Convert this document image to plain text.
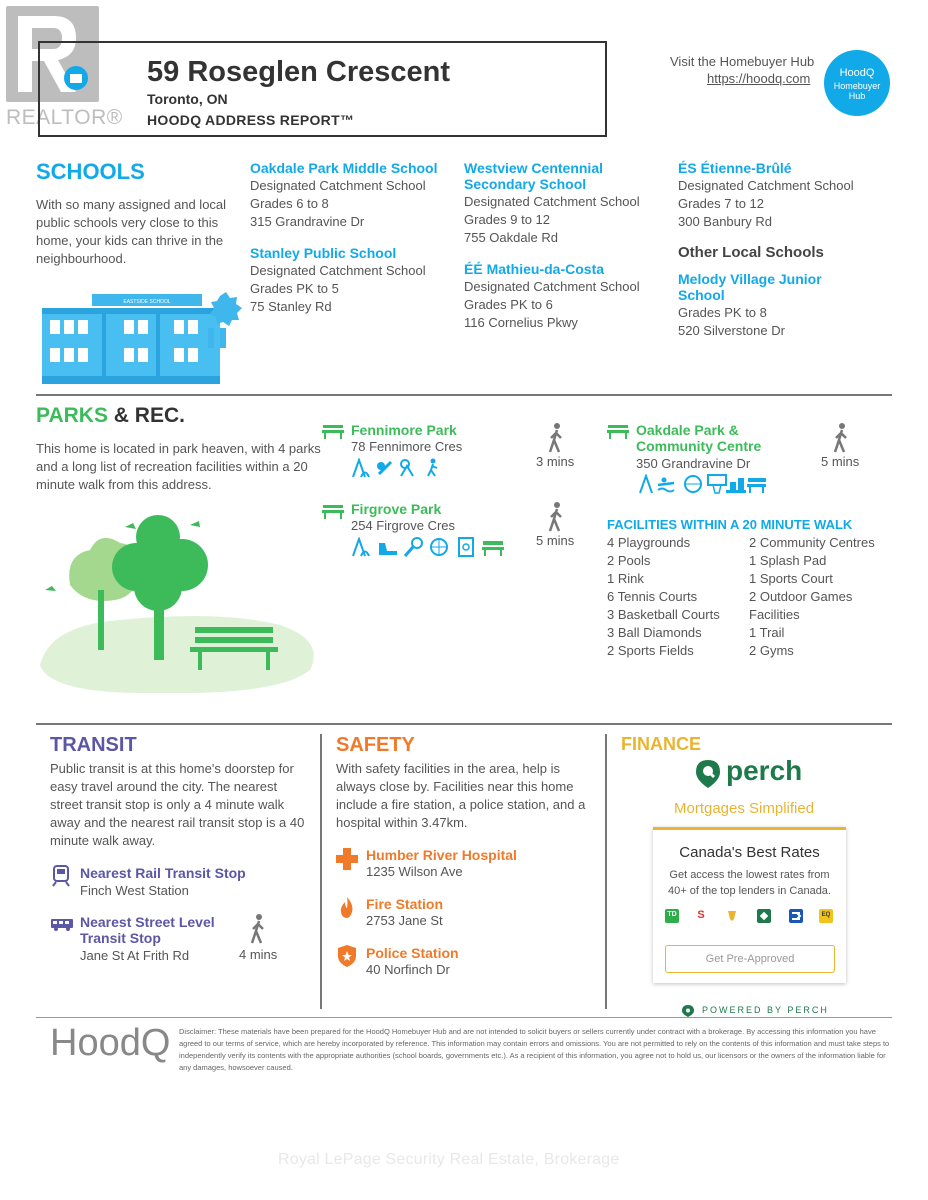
REALTOR®
59 Roseglen Crescent
Toronto, ON
HOODQ ADDRESS REPORT™
Visit the Homebuyer Hub
https://hoodq.com	HoodQ
Homebuyer
Hub
SCHOOLS
With so many assigned and local public schools very close to this home, your kids can thrive in the neighbourhood.
EASTSIDE SCHOOL
Oakdale Park Middle School
Designated Catchment School
Grades 6 to 8
315 Grandravine Dr
Stanley Public School
Designated Catchment School
Grades PK to 5
75 Stanley Rd
Westview Centennial Secondary School
Designated Catchment School
Grades 9 to 12
755 Oakdale Rd
ÉÉ Mathieu-da-Costa
Designated Catchment School
Grades PK to 6
116 Cornelius Pkwy
ÉS Étienne-Brûlé
Designated Catchment School
Grades 7 to 12
300 Banbury Rd
Other Local Schools
Melody Village Junior School
Grades PK to 8
520 Silverstone Dr
PARKS & REC.
This home is located in park heaven, with 4 parks and a long list of recreation facilities within a 20 minute walk from this address.
Fennimore Park
78 Fennimore Cres
3 mins
Firgrove Park
254 Firgrove Cres
5 mins
Oakdale Park & Community Centre
350 Grandravine Dr	5 mins
FACILITIES WITHIN A 20 MINUTE WALK
4 Playgrounds
2 Pools
1 Rink
6 Tennis Courts
3 Basketball Courts
3 Ball Diamonds
2 Sports Fields
2 Community Centres
1 Splash Pad
1 Sports Court
2 Outdoor Games
Facilities
1 Trail
2 Gyms
TRANSIT
Public transit is at this home's doorstep for easy travel around the city. The nearest street transit stop is only a 4 minute walk away and the nearest rail transit stop is a 40 minute walk away.
Nearest Rail Transit Stop
Finch West Station
Nearest Street Level Transit Stop
Jane St At Frith Rd	4 mins
SAFETY
With safety facilities in the area, help is always close by. Facilities near this home include a fire station, a police station, and a hospital within 3.47km.
Humber River Hospital
1235 Wilson Ave
Fire Station
2753 Jane St
Police Station
40 Norfinch Dr
FINANCE
perch
Mortgages Simplified
Canada's Best Rates
Get access the lowest rates from 40+ of the top lenders in Canada.
TD	S	EQ
Get Pre-Approved
POWERED BY PERCH
HoodQ Disclaimer: These materials have been prepared for the HoodQ Homebuyer Hub and are not intended to solicit buyers or sellers currently under contract with a brokerage. By accessing this information you have agreed to our terms of service, which are hereby incorporated by reference. This information may contain errors and omissions. You are not permitted to rely on the contents of this information and must take steps to independently verify its contents with the appropriate authorities (school boards, governments etc.). As a recipient of this information, you agree not to hold us, our licensors or the owners of the information liable for any damages, howsoever caused.
Royal LePage Security Real Estate, Brokerage
